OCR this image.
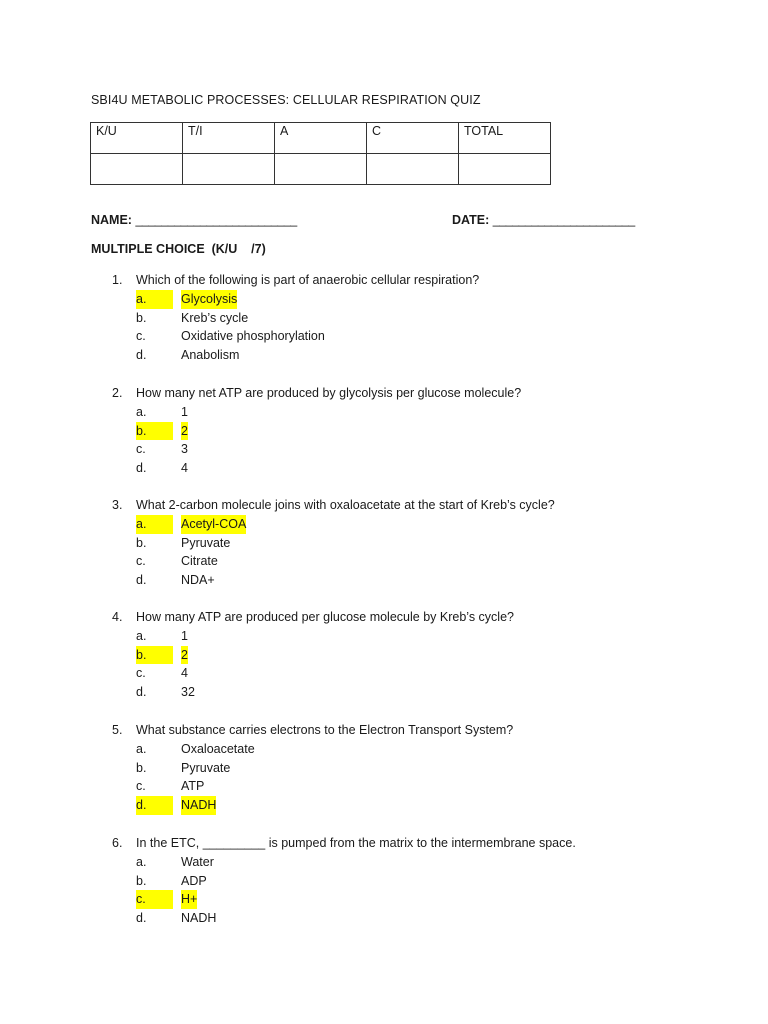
SBI4U METABOLIC PROCESSES: CELLULAR RESPIRATION QUIZ
K/U	T/I	A	C	TOTAL

NAME: _________________________	DATE: ______________________
MULTIPLE CHOICE  (K/U    /7)
1. Which of the following is part of anaerobic cellular respiration?
a.	Glycolysis
b.	Kreb’s cycle
c.	Oxidative phosphorylation
d.	Anabolism
2. How many net ATP are produced by glycolysis per glucose molecule?
a.	1
b.	2
c.	3
d.	4
3. What 2-carbon molecule joins with oxaloacetate at the start of Kreb’s cycle?
a.	Acetyl-COA
b.	Pyruvate
c.	Citrate
d.	NDA+
4. How many ATP are produced per glucose molecule by Kreb’s cycle?
a.	1
b.	2
c.	4
d.	32
5. What substance carries electrons to the Electron Transport System?
a.	Oxaloacetate
b.	Pyruvate
c.	ATP
d.	NADH
6. In the ETC, _________ is pumped from the matrix to the intermembrane space.
a.	Water
b.	ADP
c.	H+
d.	NADH
